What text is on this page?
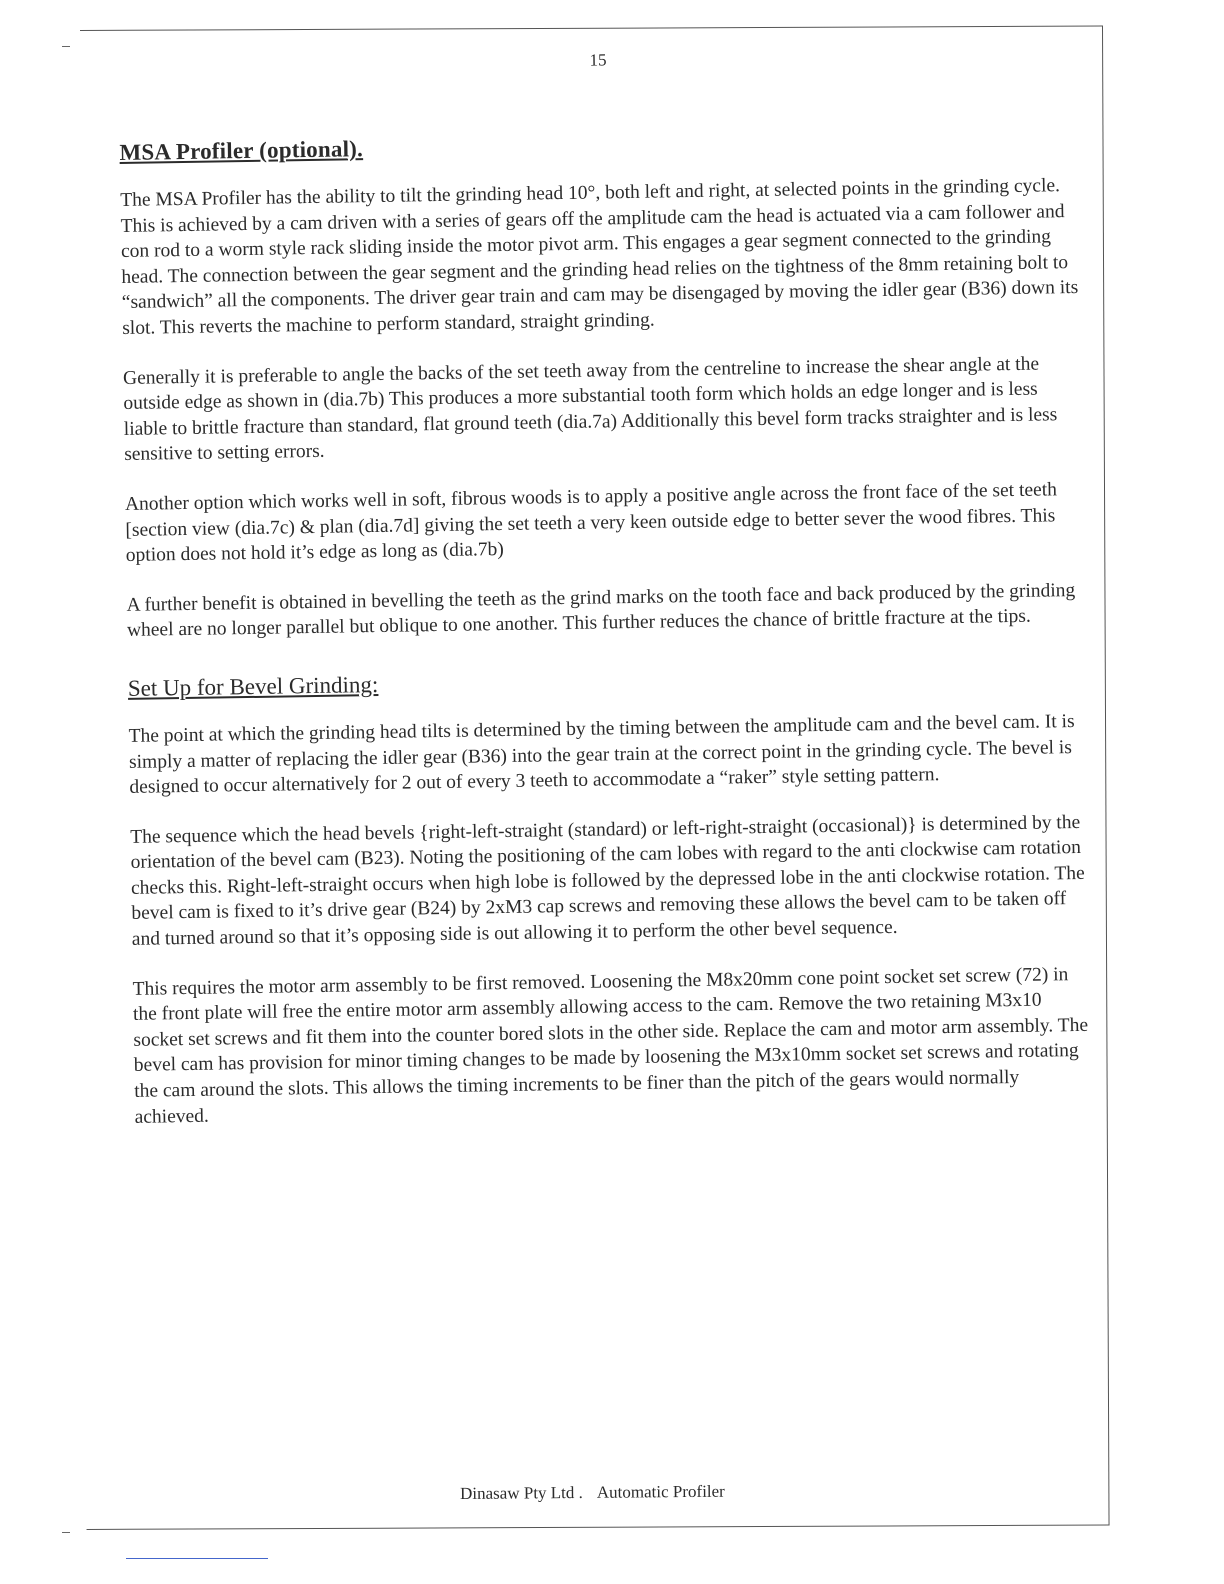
15
MSA Profiler (optional).

The MSA Profiler has the ability to tilt the grinding head 10°, both left and right, at selected points in the grinding cycle.

This is achieved by a cam driven with a series of gears off the amplitude cam the head is actuated via a cam follower and con rod to a worm style rack sliding inside the motor pivot arm. This engages a gear segment connected to the grinding head. The connection between the gear segment and the grinding head relies on the tightness of the 8mm retaining bolt to “sandwich” all the components. The driver gear train and cam may be disengaged by moving the idler gear (B36) down its slot. This reverts the machine to perform standard, straight grinding.

Generally it is preferable to angle the backs of the set teeth away from the centreline to increase the shear angle at the outside edge as shown in (dia.7b) This produces a more substantial tooth form which holds an edge longer and is less liable to brittle fracture than standard, flat ground teeth (dia.7a) Additionally this bevel form tracks straighter and is less sensitive to setting errors.

Another option which works well in soft, fibrous woods is to apply a positive angle across the front face of the set teeth [section view (dia.7c) & plan (dia.7d] giving the set teeth a very keen outside edge to better sever the wood fibres. This option does not hold it’s edge as long as (dia.7b)

A further benefit is obtained in bevelling the teeth as the grind marks on the tooth face and back produced by the grinding wheel are no longer parallel but oblique to one another. This further reduces the chance of brittle fracture at the tips.

Set Up for Bevel Grinding:

The point at which the grinding head tilts is determined by the timing between the amplitude cam and the bevel cam. It is simply a matter of replacing the idler gear (B36) into the gear train at the correct point in the grinding cycle. The bevel is designed to occur alternatively for 2 out of every 3 teeth to accommodate a “raker” style setting pattern.

The sequence which the head bevels {right-left-straight (standard) or left-right-straight (occasional)} is determined by the orientation of the bevel cam (B23). Noting the positioning of the cam lobes with regard to the anti clockwise cam rotation checks this. Right-left-straight occurs when high lobe is followed by the depressed lobe in the anti clockwise rotation. The bevel cam is fixed to it’s drive gear (B24) by 2xM3 cap screws and removing these allows the bevel cam to be taken off and turned around so that it’s opposing side is out allowing it to perform the other bevel sequence.

This requires the motor arm assembly to be first removed. Loosening the M8x20mm cone point socket set screw (72) in the front plate will free the entire motor arm assembly allowing access to the cam. Remove the two retaining M3x10 socket set screws and fit them into the counter bored slots in the other side. Replace the cam and motor arm assembly. The bevel cam has provision for minor timing changes to be made by loosening the M3x10mm socket set screws and rotating the cam around the slots. This allows the timing increments to be finer than the pitch of the gears would normally achieved.

Dinasaw Pty Ltd . Automatic Profiler
